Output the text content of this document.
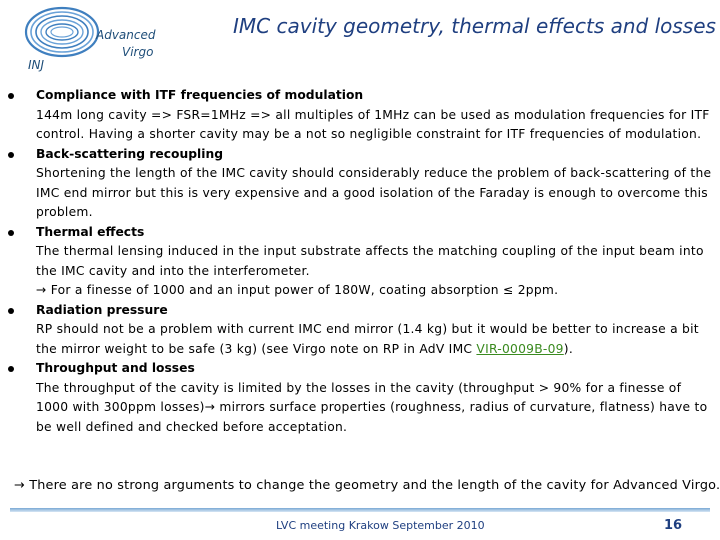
Advanced
Virgo
INJ
IMC cavity geometry, thermal effects and losses
Compliance with ITF frequencies of modulation
144m long cavity => FSR=1MHz => all multiples of 1MHz can be used as modulation frequencies for ITF control. Having a shorter cavity may be a not so negligible constraint for ITF frequencies of modulation.
Back-scattering recoupling
Shortening the length of the IMC cavity should considerably reduce the problem of back-scattering of the IMC end mirror but this is very expensive and a good isolation of the Faraday is enough to overcome this problem.
Thermal effects
The thermal lensing induced in the input substrate affects the matching coupling of the input beam into the IMC cavity and into the interferometer.
→ For a finesse of 1000 and an input power of 180W, coating absorption ≤ 2ppm.
Radiation pressure
RP should not be a problem with current IMC end mirror (1.4 kg) but it would be better to increase a bit the mirror weight to be safe (3 kg) (see Virgo note on RP in AdV IMC VIR-0009B-09).
Throughput and losses
The throughput of the cavity is limited by the losses in the cavity (throughput > 90% for a finesse of 1000 with 300ppm losses)→ mirrors surface properties (roughness, radius of curvature, flatness) have to be well defined and checked before acceptation.
→ There are no strong arguments to change the geometry and the length of the cavity for Advanced Virgo.
LVC meeting Krakow September 2010	16
